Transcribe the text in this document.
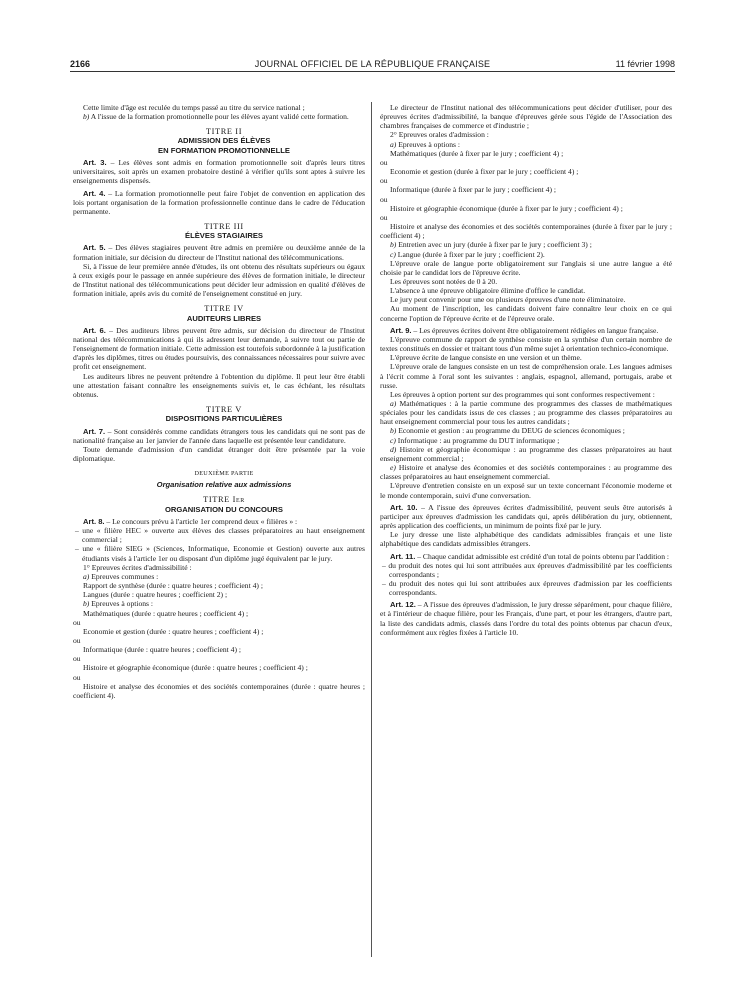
2166	JOURNAL OFFICIEL DE LA RÉPUBLIQUE FRANÇAISE	11 février 1998

Cette limite d'âge est reculée du temps passé au titre du service national ;

b) A l'issue de la formation promotionnelle pour les élèves ayant validé cette formation.

TITRE II

ADMISSION DES ÉLÈVES

EN FORMATION PROMOTIONNELLE

Art. 3. – Les élèves sont admis en formation promotionnelle soit d'après leurs titres universitaires, soit après un examen probatoire destiné à vérifier qu'ils sont aptes à suivre les enseignements dispensés.

Art. 4. – La formation promotionnelle peut faire l'objet de convention en application des lois portant organisation de la formation professionnelle continue dans le cadre de l'éducation permanente.

TITRE III

ÉLÈVES STAGIAIRES

Art. 5. – Des élèves stagiaires peuvent être admis en première ou deuxième année de la formation initiale, sur décision du directeur de l'Institut national des télécommunications.

Si, à l'issue de leur première année d'études, ils ont obtenu des résultats supérieurs ou égaux à ceux exigés pour le passage en année supérieure des élèves de formation initiale, le directeur de l'Institut national des télécommunications peut décider leur admission en qualité d'élèves de formation initiale, après avis du comité de l'enseignement constitué en jury.

TITRE IV

AUDITEURS LIBRES

Art. 6. – Des auditeurs libres peuvent être admis, sur décision du directeur de l'Institut national des télécommunications à qui ils adressent leur demande, à suivre tout ou partie de l'enseignement de formation initiale. Cette admission est toutefois subordonnée à la justification d'après les diplômes, titres ou études poursuivis, des connaissances nécessaires pour suivre avec profit cet enseignement.

Les auditeurs libres ne peuvent prétendre à l'obtention du diplôme. Il peut leur être établi une attestation faisant connaître les enseignements suivis et, le cas échéant, les résultats obtenus.

TITRE V

DISPOSITIONS PARTICULIÈRES

Art. 7. – Sont considérés comme candidats étrangers tous les candidats qui ne sont pas de nationalité française au 1er janvier de l'année dans laquelle est présentée leur candidature.

Toute demande d'admission d'un candidat étranger doit être présentée par la voie diplomatique.

DEUXIÈME PARTIE

Organisation relative aux admissions

TITRE Ier

ORGANISATION DU CONCOURS

Art. 8. – Le concours prévu à l'article 1er comprend deux « filières » :

– une « filière HEC » ouverte aux élèves des classes préparatoires au haut enseignement commercial ;

– une « filière SIEG » (Sciences, Informatique, Economie et Gestion) ouverte aux autres étudiants visés à l'article 1er ou disposant d'un diplôme jugé équivalent par le jury.

1° Epreuves écrites d'admissibilité :

a) Epreuves communes :

Rapport de synthèse (durée : quatre heures ; coefficient 4) ;

Langues (durée : quatre heures ; coefficient 2) ;

b) Epreuves à options :

Mathématiques (durée : quatre heures ; coefficient 4) ;

ou

Economie et gestion (durée : quatre heures ; coefficient 4) ;

ou

Informatique (durée : quatre heures ; coefficient 4) ;

ou

Histoire et géographie économique (durée : quatre heures ; coefficient 4) ;

ou

Histoire et analyse des économies et des sociétés contemporaines (durée : quatre heures ; coefficient 4).

Le directeur de l'Institut national des télécommunications peut décider d'utiliser, pour des épreuves écrites d'admissibilité, la banque d'épreuves gérée sous l'égide de l'Association des chambres françaises de commerce et d'industrie ;

2° Epreuves orales d'admission :

a) Epreuves à options :

Mathématiques (durée à fixer par le jury ; coefficient 4) ;

ou

Economie et gestion (durée à fixer par le jury ; coefficient 4) ;

ou

Informatique (durée à fixer par le jury ; coefficient 4) ;

ou

Histoire et géographie économique (durée à fixer par le jury ; coefficient 4) ;

ou

Histoire et analyse des économies et des sociétés contemporaines (durée à fixer par le jury ; coefficient 4) ;

b) Entretien avec un jury (durée à fixer par le jury ; coefficient 3) ;

c) Langue (durée à fixer par le jury ; coefficient 2).

L'épreuve orale de langue porte obligatoirement sur l'anglais si une autre langue a été choisie par le candidat lors de l'épreuve écrite.

Les épreuves sont notées de 0 à 20.

L'absence à une épreuve obligatoire élimine d'office le candidat.

Le jury peut convenir pour une ou plusieurs épreuves d'une note éliminatoire.

Au moment de l'inscription, les candidats doivent faire connaître leur choix en ce qui concerne l'option de l'épreuve écrite et de l'épreuve orale.

Art. 9. – Les épreuves écrites doivent être obligatoirement rédigées en langue française.

L'épreuve commune de rapport de synthèse consiste en la synthèse d'un certain nombre de textes constitués en dossier et traitant tous d'un même sujet à orientation technico-économique.

L'épreuve écrite de langue consiste en une version et un thème.

L'épreuve orale de langues consiste en un test de compréhension orale. Les langues admises à l'écrit comme à l'oral sont les suivantes : anglais, espagnol, allemand, portugais, arabe et russe.

Les épreuves à option portent sur des programmes qui sont conformes respectivement :

a) Mathématiques : à la partie commune des programmes des classes de mathématiques spéciales pour les candidats issus de ces classes ; au programme des classes préparatoires au haut enseignement commercial pour tous les autres candidats ;

b) Economie et gestion : au programme du DEUG de sciences économiques ;

c) Informatique : au programme du DUT informatique ;

d) Histoire et géographie économique : au programme des classes préparatoires au haut enseignement commercial ;

e) Histoire et analyse des économies et des sociétés contemporaines : au programme des classes préparatoires au haut enseignement commercial.

L'épreuve d'entretien consiste en un exposé sur un texte concernant l'économie moderne et le monde contemporain, suivi d'une conversation.

Art. 10. – A l'issue des épreuves écrites d'admissibilité, peuvent seuls être autorisés à participer aux épreuves d'admission les candidats qui, après délibération du jury, obtiennent, après application des coefficients, un minimum de points fixé par le jury.

Le jury dresse une liste alphabétique des candidats admissibles français et une liste alphabétique des candidats admissibles étrangers.

Art. 11. – Chaque candidat admissible est crédité d'un total de points obtenu par l'addition :

– du produit des notes qui lui sont attribuées aux épreuves d'admissibilité par les coefficients correspondants ;

– du produit des notes qui lui sont attribuées aux épreuves d'admission par les coefficients correspondants.

Art. 12. – A l'issue des épreuves d'admission, le jury dresse séparément, pour chaque filière, et à l'intérieur de chaque filière, pour les Français, d'une part, et pour les étrangers, d'autre part, la liste des candidats admis, classés dans l'ordre du total des points obtenus par chacun d'eux, conformément aux règles fixées à l'article 10.
